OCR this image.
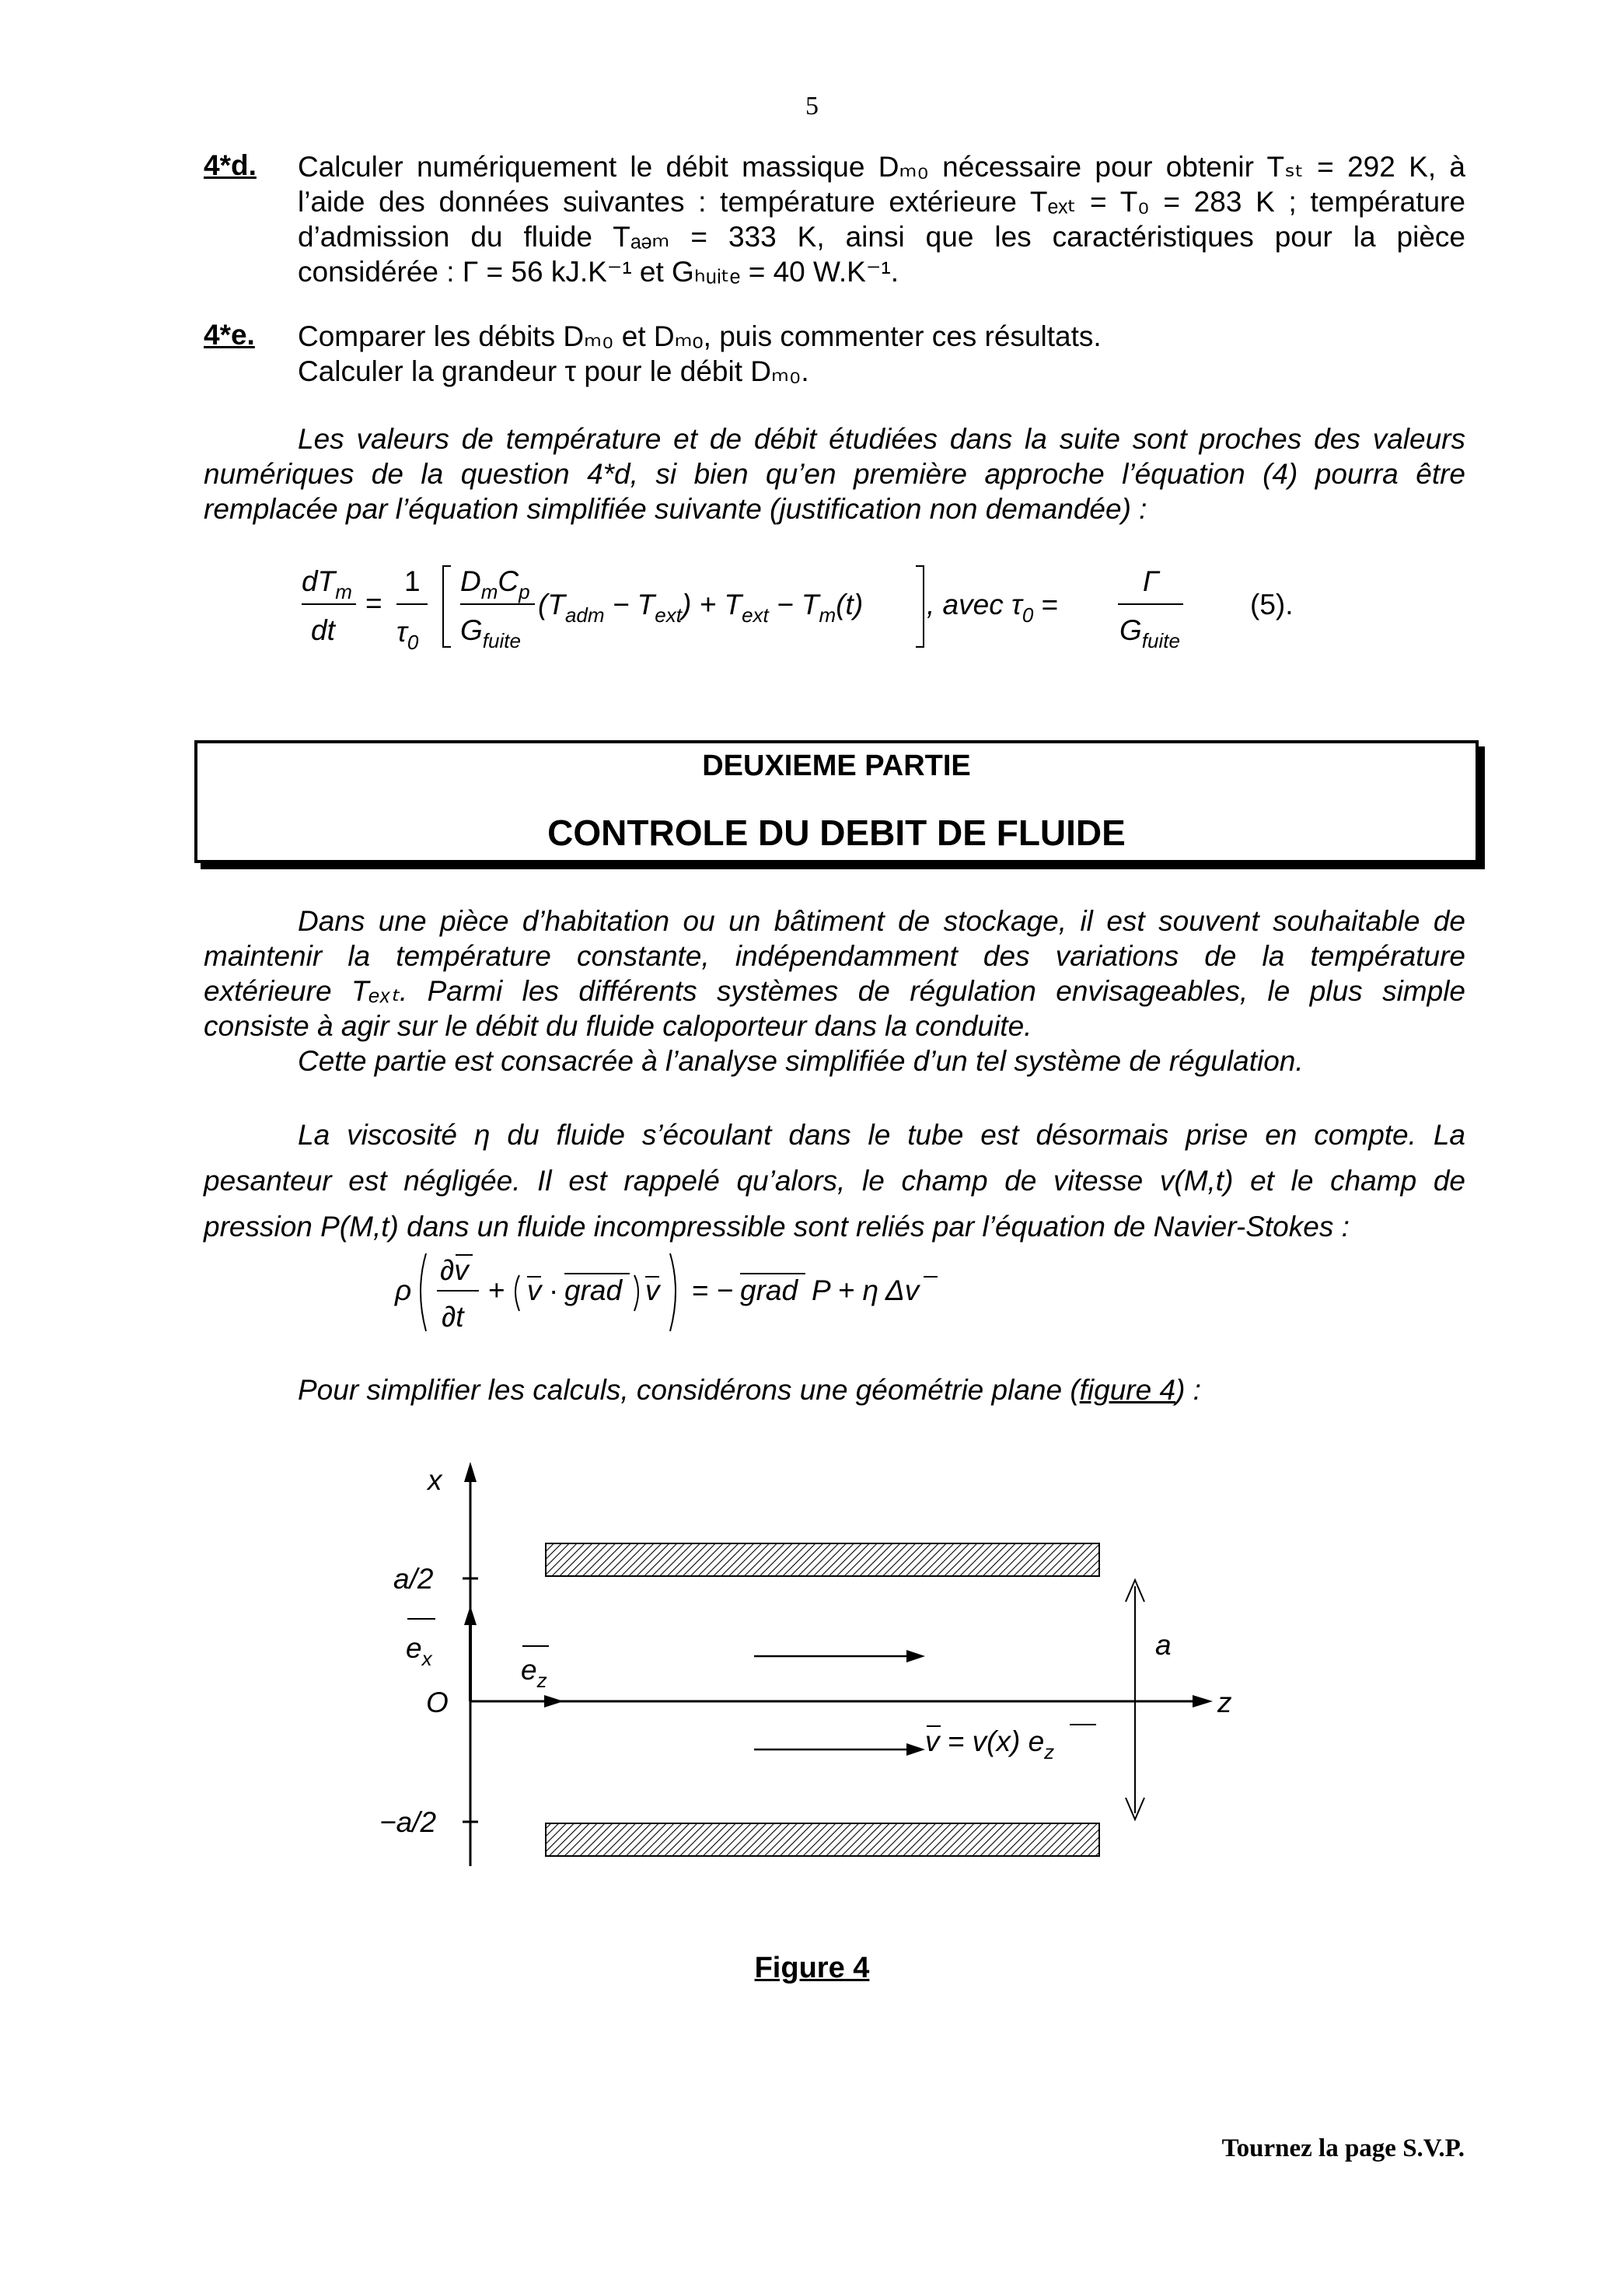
5
4*d. Calculer numériquement le débit massique Dₘ₀ nécessaire pour obtenir Tₛₜ = 292 K, à
l’aide des données suivantes : température extérieure Tₑₓₜ = T₀ = 283 K ; température
d’admission du fluide Tₐₔₘ = 333 K, ainsi que les caractéristiques pour la pièce
considérée : Γ = 56 kJ.K⁻¹ et Gₕᵤᵢₜₑ = 40 W.K⁻¹.
4*e. Comparer les débits Dₘ₀ et Dₘₒ, puis commenter ces résultats.
Calculer la grandeur τ pour le débit Dₘ₀.
Les valeurs de température et de débit étudiées dans la suite sont proches des valeurs
numériques de la question 4*d, si bien qu’en première approche l’équation (4) pourra être
remplacée par l’équation simplifiée suivante (justification non demandée) :
$dT_m$
dt
=
1
$\tau_0$
$D_mC_p$
$G_{fuite}$
$(T_{adm} - T_{ext}) + T_{ext} - T_m(t)$ , avec $\tau_0$ =
Γ
$G_{fuite}$
(5).
DEUXIEME PARTIE
CONTROLE DU DEBIT DE FLUIDE
Dans une pièce d’habitation ou un bâtiment de stockage, il est souvent souhaitable de
maintenir la température constante, indépendamment des variations de la température
extérieure Tₑₓₜ. Parmi les différents systèmes de régulation envisageables, le plus simple
consiste à agir sur le débit du fluide caloporteur dans la conduite.
Cette partie est consacrée à l’analyse simplifiée d’un tel système de régulation.
La viscosité η du fluide s’écoulant dans le tube est désormais prise en compte. La
pesanteur est négligée. Il est rappelé qu’alors, le champ de vitesse v(M,t) et le champ de
pression P(M,t) dans un fluide incompressible sont reliés par l’équation de Navier-Stokes :
ρ
∂v
∂t
+ v · grad v = − grad P + η Δv
Pour simplifier les calculs, considérons une géométrie plane (figure 4) :
x
z
a/2
−a/2
O
$e_x$	$e_z$
v = v(x) $e_z$
a
Figure 4
Tournez la page S.V.P.
